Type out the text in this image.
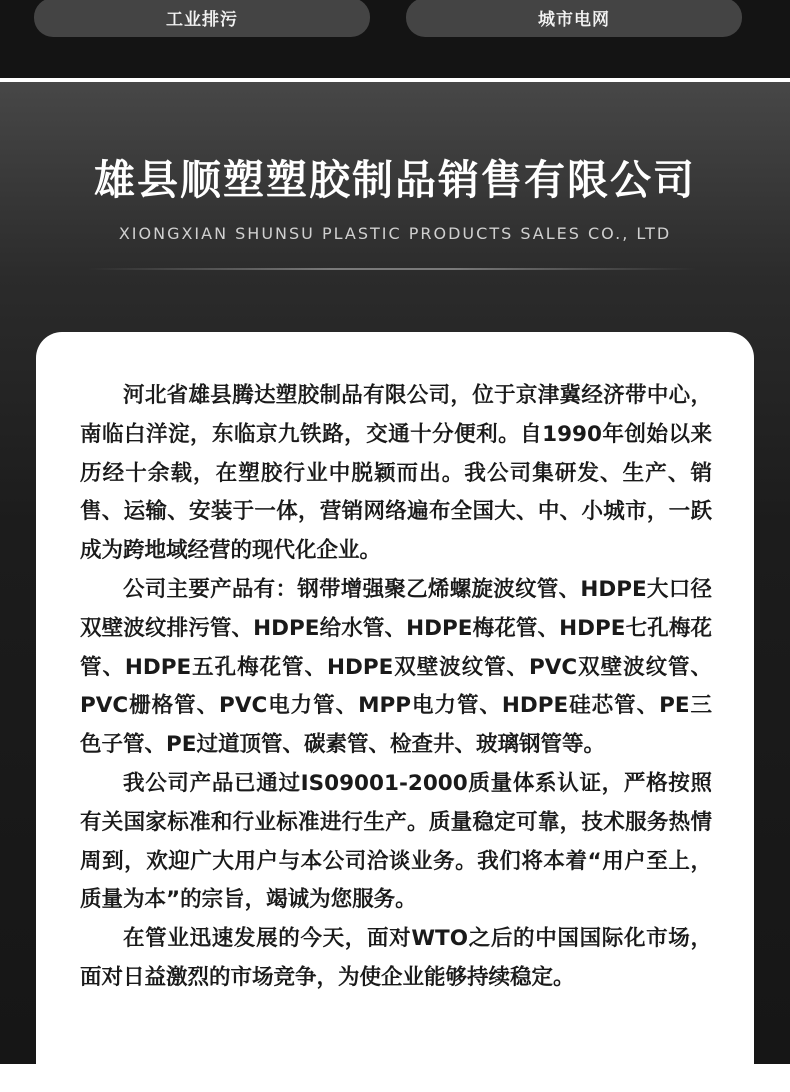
工业排污	城市电网
雄县顺塑塑胶制品销售有限公司
XIONGXIAN SHUNSU PLASTIC PRODUCTS SALES CO., LTD

河北省雄县腾达塑胶制品有限公司，位于京津冀经济带中心，南临白洋淀，东临京九铁路，交通十分便利。自1990年创始以来历经十余载，在塑胶行业中脱颖而出。我公司集研发、生产、销售、运输、安装于一体，营销网络遍布全国大、中、小城市，一跃成为跨地域经营的现代化企业。

公司主要产品有：钢带增强聚乙烯螺旋波纹管、HDPE大口径双壁波纹排污管、HDPE给水管、HDPE梅花管、HDPE七孔梅花管、HDPE五孔梅花管、HDPE双壁波纹管、PVC双壁波纹管、PVC栅格管、PVC电力管、MPP电力管、HDPE硅芯管、PE三色子管、PE过道顶管、碳素管、检查井、玻璃钢管等。

我公司产品已通过IS09001-2000质量体系认证，严格按照有关国家标准和行业标准进行生产。质量稳定可靠，技术服务热情周到，欢迎广大用户与本公司洽谈业务。我们将本着“用户至上，质量为本”的宗旨，竭诚为您服务。

在管业迅速发展的今天，面对WTO之后的中国国际化市场，面对日益激烈的市场竞争，为使企业能够持续稳定。
